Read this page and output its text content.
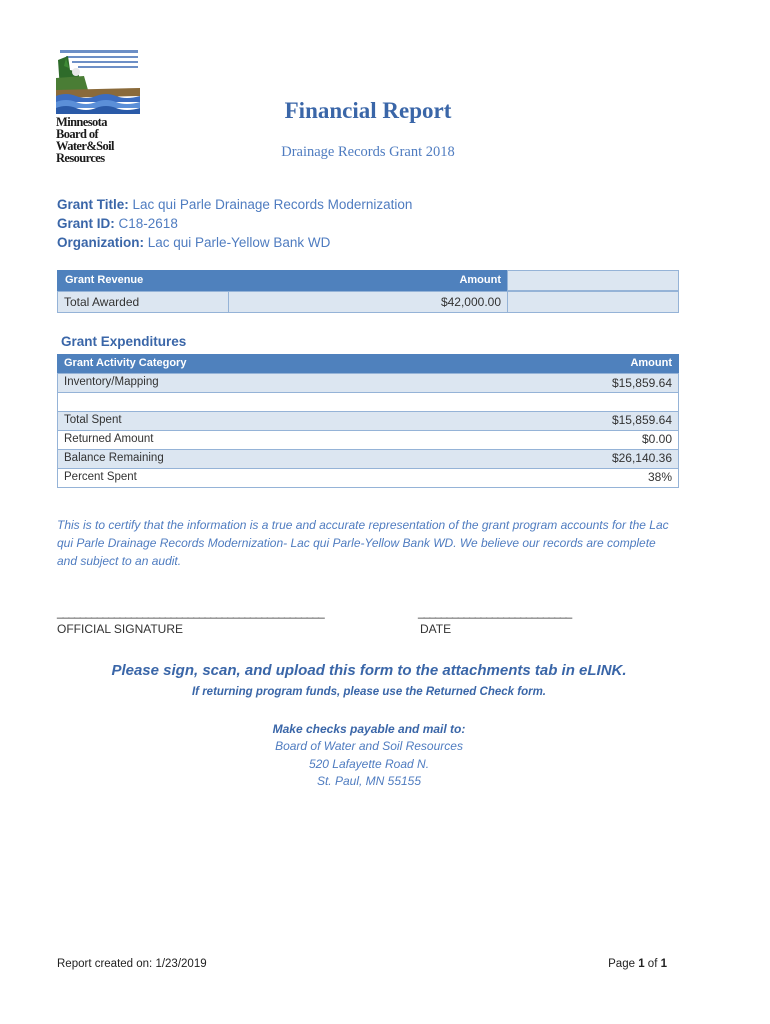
Minnesota
Board of
Water&Soil
Resources
Financial Report
Drainage Records Grant 2018
Grant Title: Lac qui Parle Drainage Records Modernization
Grant ID: C18-2618
Organization: Lac qui Parle-Yellow Bank WD
Grant Revenue	Amount
Total Awarded	$42,000.00
Grant Expenditures
Grant Activity Category	Amount
Inventory/Mapping	$15,859.64
Total Spent	$15,859.64
Returned Amount	$0.00
Balance Remaining	$26,140.36
Percent Spent	38%
This is to certify that the information is a true and accurate representation of the grant program accounts for the Lac qui Parle Drainage Records Modernization- Lac qui Parle-Yellow Bank WD. We believe our records are complete and subject to an audit.
_______________________________________________	___________________________
OFFICIAL SIGNATURE	DATE
Please sign, scan, and upload this form to the attachments tab in eLINK.
If returning program funds, please use the Returned Check form.
Make checks payable and mail to:
Board of Water and Soil Resources
520 Lafayette Road N.
St. Paul, MN 55155
Report created on: 1/23/2019	Page 1 of 1
